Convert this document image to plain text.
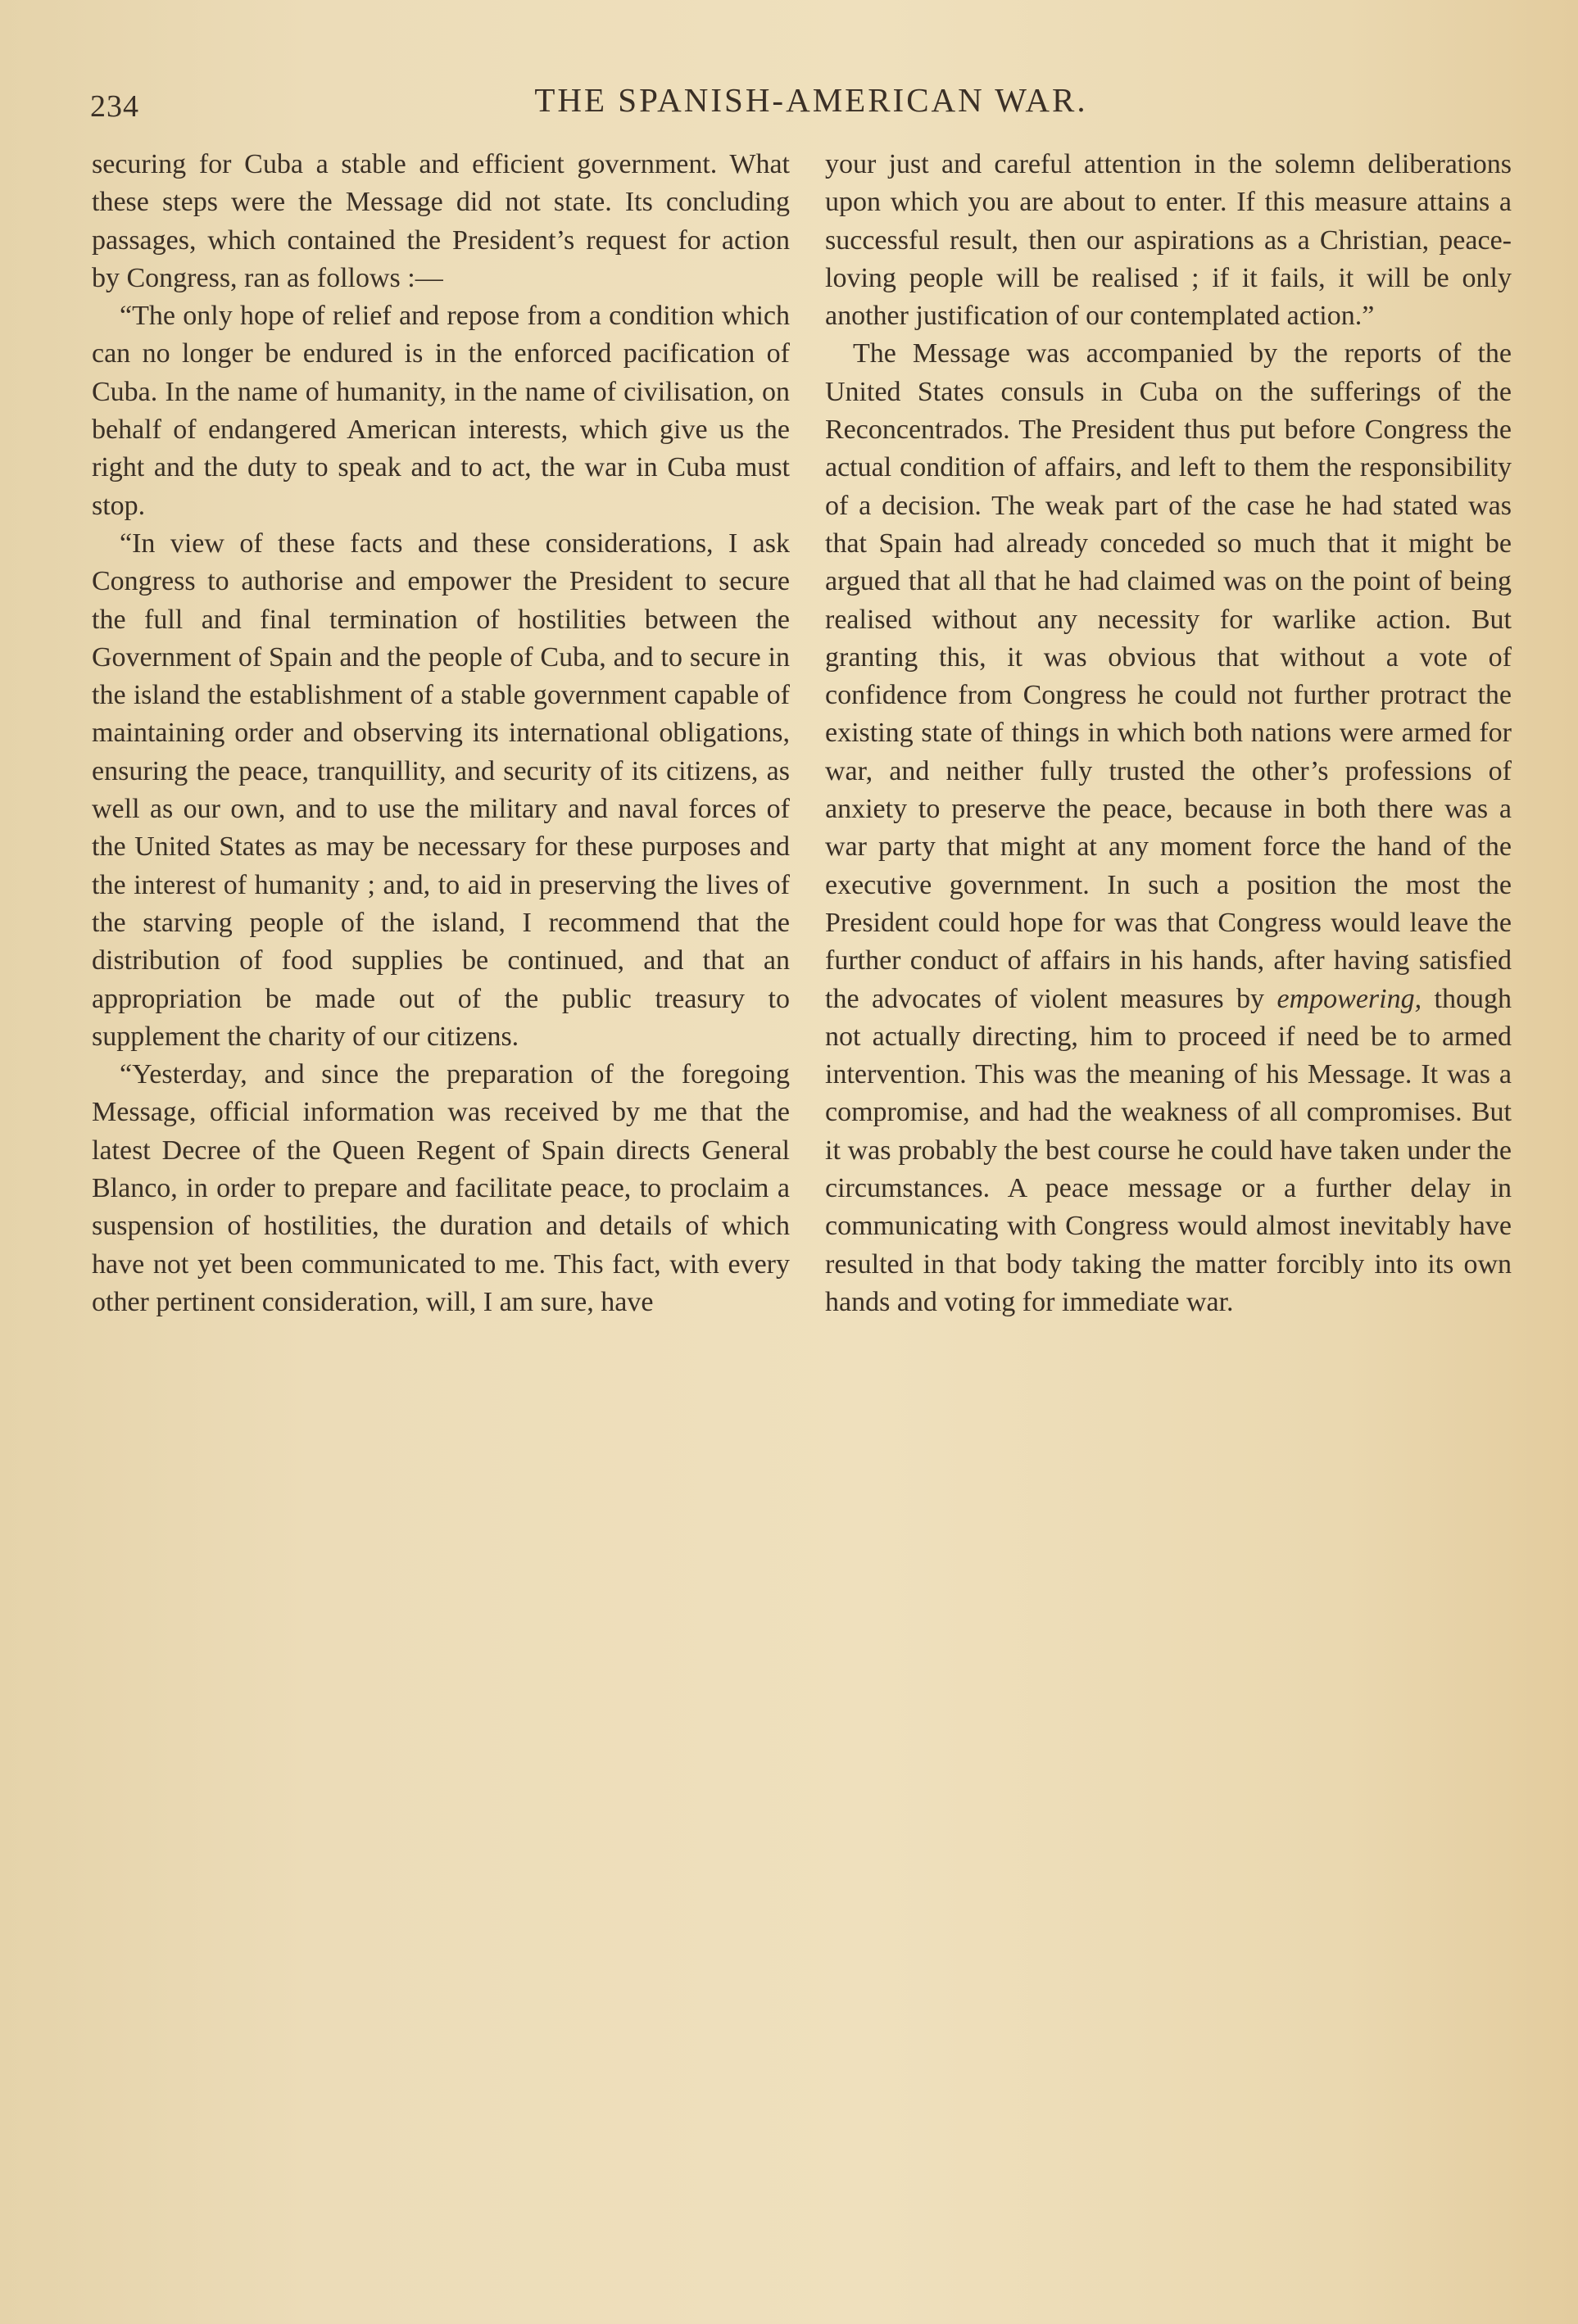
234	THE SPANISH-AMERICAN WAR.

securing for Cuba a stable and efficient government. What these steps were the Message did not state. Its concluding passages, which contained the President’s request for action by Congress, ran as follows :—

“The only hope of relief and repose from a condition which can no longer be endured is in the enforced pacification of Cuba. In the name of humanity, in the name of civilisation, on behalf of endangered American interests, which give us the right and the duty to speak and to act, the war in Cuba must stop.

“In view of these facts and these considerations, I ask Congress to authorise and empower the President to secure the full and final termination of hostilities between the Government of Spain and the people of Cuba, and to secure in the island the establishment of a stable government capable of maintaining order and observing its international obligations, ensuring the peace, tranquillity, and security of its citizens, as well as our own, and to use the military and naval forces of the United States as may be necessary for these purposes and the interest of humanity ; and, to aid in preserving the lives of the starving people of the island, I recommend that the distribution of food supplies be continued, and that an appropriation be made out of the public treasury to supplement the charity of our citizens.

“Yesterday, and since the preparation of the foregoing Message, official information was received by me that the latest Decree of the Queen Regent of Spain directs General Blanco, in order to prepare and facilitate peace, to proclaim a suspension of hostilities, the duration and details of which have not yet been communicated to me. This fact, with every other pertinent consideration, will, I am sure, have

your just and careful attention in the solemn deliberations upon which you are about to enter. If this measure attains a successful result, then our aspirations as a Christian, peace-loving people will be realised ; if it fails, it will be only another justification of our contemplated action.”

The Message was accompanied by the reports of the United States consuls in Cuba on the sufferings of the Reconcentrados. The President thus put before Congress the actual condition of affairs, and left to them the responsibility of a decision. The weak part of the case he had stated was that Spain had already conceded so much that it might be argued that all that he had claimed was on the point of being realised without any necessity for warlike action. But granting this, it was obvious that without a vote of confidence from Congress he could not further protract the existing state of things in which both nations were armed for war, and neither fully trusted the other’s professions of anxiety to preserve the peace, because in both there was a war party that might at any moment force the hand of the executive government. In such a position the most the President could hope for was that Congress would leave the further conduct of affairs in his hands, after having satisfied the advocates of violent measures by empowering, though not actually directing, him to proceed if need be to armed intervention. This was the meaning of his Message. It was a compromise, and had the weakness of all compromises. But it was probably the best course he could have taken under the circumstances. A peace message or a further delay in communicating with Congress would almost inevitably have resulted in that body taking the matter forcibly into its own hands and voting for immediate war.
